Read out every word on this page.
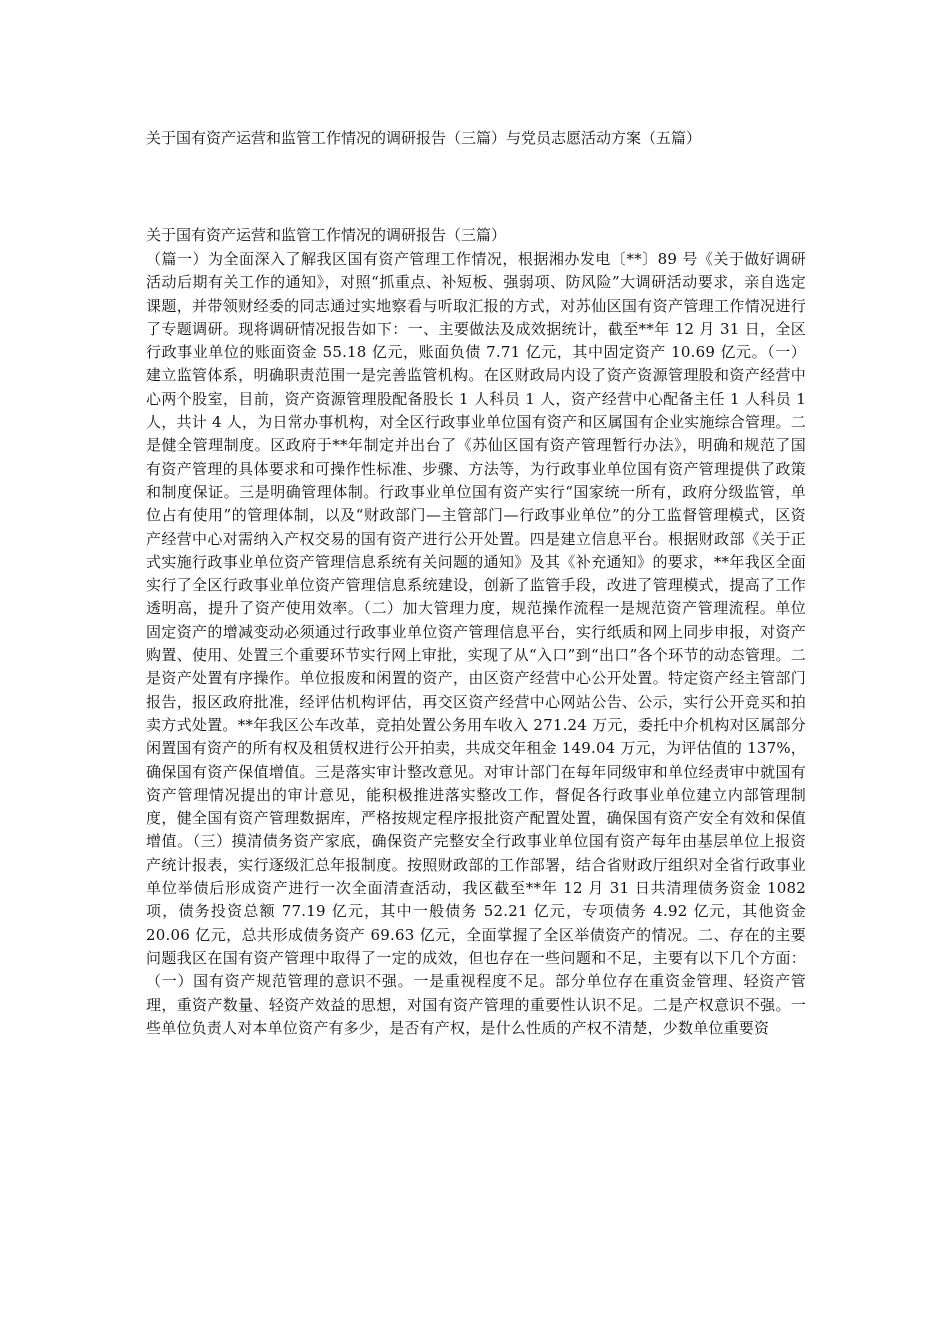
关于国有资产运营和监管工作情况的调研报告（三篇）与党员志愿活动方案（五篇）
关于国有资产运营和监管工作情况的调研报告（三篇）

（篇一）为全面深入了解我区国有资产管理工作情况，根据湘办发电〔**〕89 号《关于做好调研活动后期有关工作的通知》，对照“抓重点、补短板、强弱项、防风险”大调研活动要求，亲自选定课题，并带领财经委的同志通过实地察看与听取汇报的方式，对苏仙区国有资产管理工作情况进行了专题调研。现将调研情况报告如下：一、主要做法及成效据统计，截至**年 12 月 31 日，全区行政事业单位的账面资金 55.18 亿元，账面负债 7.71 亿元，其中固定资产 10.69 亿元。（一）建立监管体系，明确职责范围一是完善监管机构。在区财政局内设了资产资源管理股和资产经营中心两个股室，目前，资产资源管理股配备股长 1 人科员 1 人，资产经营中心配备主任 1 人科员 1 人，共计 4 人，为日常办事机构，对全区行政事业单位国有资产和区属国有企业实施综合管理。二是健全管理制度。区政府于**年制定并出台了《苏仙区国有资产管理暂行办法》，明确和规范了国有资产管理的具体要求和可操作性标准、步骤、方法等，为行政事业单位国有资产管理提供了政策和制度保证。三是明确管理体制。行政事业单位国有资产实行“国家统一所有，政府分级监管，单位占有使用”的管理体制，以及“财政部门—主管部门—行政事业单位”的分工监督管理模式，区资产经营中心对需纳入产权交易的国有资产进行公开处置。四是建立信息平台。根据财政部《关于正式实施行政事业单位资产管理信息系统有关问题的通知》及其《补充通知》的要求，**年我区全面实行了全区行政事业单位资产管理信息系统建设，创新了监管手段，改进了管理模式，提高了工作透明高，提升了资产使用效率。（二）加大管理力度，规范操作流程一是规范资产管理流程。单位固定资产的增减变动必须通过行政事业单位资产管理信息平台，实行纸质和网上同步申报，对资产购置、使用、处置三个重要环节实行网上审批，实现了从“入口”到“出口”各个环节的动态管理。二是资产处置有序操作。单位报废和闲置的资产，由区资产经营中心公开处置。特定资产经主管部门报告，报区政府批准，经评估机构评估，再交区资产经营中心网站公告、公示，实行公开竞买和拍卖方式处置。**年我区公车改革，竞拍处置公务用车收入 271.24 万元，委托中介机构对区属部分闲置国有资产的所有权及租赁权进行公开拍卖，共成交年租金 149.04 万元，为评估值的 137%，确保国有资产保值增值。三是落实审计整改意见。对审计部门在每年同级审和单位经责审中就国有资产管理情况提出的审计意见，能积极推进落实整改工作，督促各行政事业单位建立内部管理制度，健全国有资产管理数据库，严格按规定程序报批资产配置处置，确保国有资产安全有效和保值增值。（三）摸清债务资产家底，确保资产完整安全行政事业单位国有资产每年由基层单位上报资产统计报表，实行逐级汇总年报制度。按照财政部的工作部署，结合省财政厅组织对全省行政事业单位举债后形成资产进行一次全面清查活动，我区截至**年 12 月 31 日共清理债务资金 1082 项，债务投资总额 77.19 亿元，其中一般债务 52.21 亿元，专项债务 4.92 亿元，其他资金 20.06 亿元，总共形成债务资产 69.63 亿元，全面掌握了全区举债资产的情况。二、存在的主要问题我区在国有资产管理中取得了一定的成效，但也存在一些问题和不足，主要有以下几个方面：（一）国有资产规范管理的意识不强。一是重视程度不足。部分单位存在重资金管理、轻资产管理，重资产数量、轻资产效益的思想，对国有资产管理的重要性认识不足。二是产权意识不强。一些单位负责人对本单位资产有多少，是否有产权，是什么性质的产权不清楚，少数单位重要资
